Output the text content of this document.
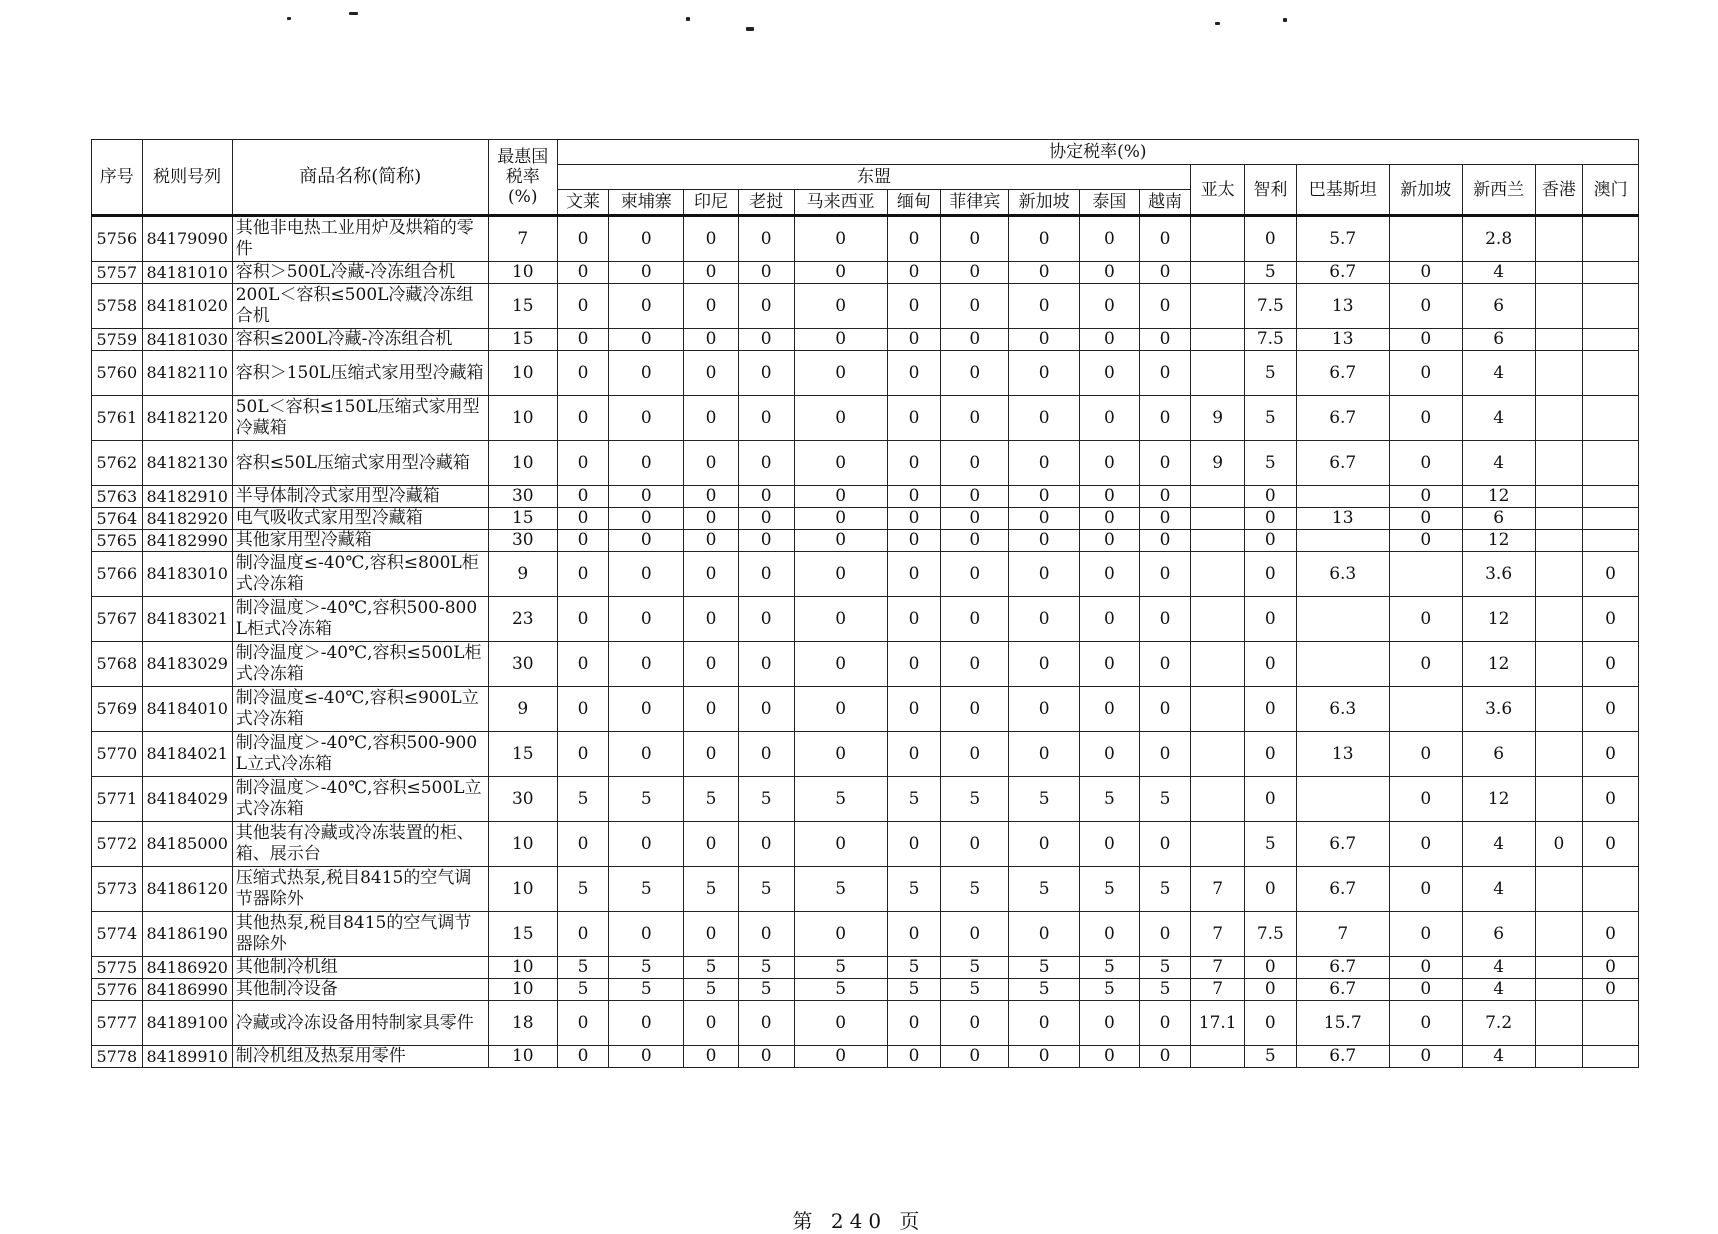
序号	税则号列	商品名称(简称)	最惠国
税率
(%)	协定税率(%)																
				东盟										亚太	智利	巴基斯坦	新加坡	新西兰	香港	澳门
				文莱	柬埔寨	印尼	老挝	马来西亚	缅甸	菲律宾	新加坡	泰国	越南							
5756	84179090	其他非电热工业用炉及烘箱的零件	7	0	0	0	0	0	0	0	0	0	0		0	5.7		2.8		
5757	84181010	容积＞500L冷藏-冷冻组合机	10	0	0	0	0	0	0	0	0	0	0		5	6.7	0	4		
5758	84181020	200L＜容积≤500L冷藏冷冻组合机	15	0	0	0	0	0	0	0	0	0	0		7.5	13	0	6		
5759	84181030	容积≤200L冷藏-冷冻组合机	15	0	0	0	0	0	0	0	0	0	0		7.5	13	0	6		
5760	84182110	容积＞150L压缩式家用型冷藏箱	10	0	0	0	0	0	0	0	0	0	0		5	6.7	0	4		
5761	84182120	50L＜容积≤150L压缩式家用型冷藏箱	10	0	0	0	0	0	0	0	0	0	0	9	5	6.7	0	4		
5762	84182130	容积≤50L压缩式家用型冷藏箱	10	0	0	0	0	0	0	0	0	0	0	9	5	6.7	0	4		
5763	84182910	半导体制冷式家用型冷藏箱	30	0	0	0	0	0	0	0	0	0	0		0		0	12		
5764	84182920	电气吸收式家用型冷藏箱	15	0	0	0	0	0	0	0	0	0	0		0	13	0	6		
5765	84182990	其他家用型冷藏箱	30	0	0	0	0	0	0	0	0	0	0		0		0	12		
5766	84183010	制冷温度≤-40℃,容积≤800L柜式冷冻箱	9	0	0	0	0	0	0	0	0	0	0		0	6.3		3.6		0
5767	84183021	制冷温度＞-40℃,容积500-800L柜式冷冻箱	23	0	0	0	0	0	0	0	0	0	0		0		0	12		0
5768	84183029	制冷温度＞-40℃,容积≤500L柜式冷冻箱	30	0	0	0	0	0	0	0	0	0	0		0		0	12		0
5769	84184010	制冷温度≤-40℃,容积≤900L立式冷冻箱	9	0	0	0	0	0	0	0	0	0	0		0	6.3		3.6		0
5770	84184021	制冷温度＞-40℃,容积500-900L立式冷冻箱	15	0	0	0	0	0	0	0	0	0	0		0	13	0	6		0
5771	84184029	制冷温度＞-40℃,容积≤500L立式冷冻箱	30	5	5	5	5	5	5	5	5	5	5		0		0	12		0
5772	84185000	其他装有冷藏或冷冻装置的柜、箱、展示台	10	0	0	0	0	0	0	0	0	0	0		5	6.7	0	4	0	0
5773	84186120	压缩式热泵,税目8415的空气调节器除外	10	5	5	5	5	5	5	5	5	5	5	7	0	6.7	0	4		
5774	84186190	其他热泵,税目8415的空气调节器除外	15	0	0	0	0	0	0	0	0	0	0	7	7.5	7	0	6		0
5775	84186920	其他制冷机组	10	5	5	5	5	5	5	5	5	5	5	7	0	6.7	0	4		0
5776	84186990	其他制冷设备	10	5	5	5	5	5	5	5	5	5	5	7	0	6.7	0	4		0
5777	84189100	冷藏或冷冻设备用特制家具零件	18	0	0	0	0	0	0	0	0	0	0	17.1	0	15.7	0	7.2		
5778	84189910	制冷机组及热泵用零件	10	0	0	0	0	0	0	0	0	0	0		5	6.7	0	4		
第 240 页
